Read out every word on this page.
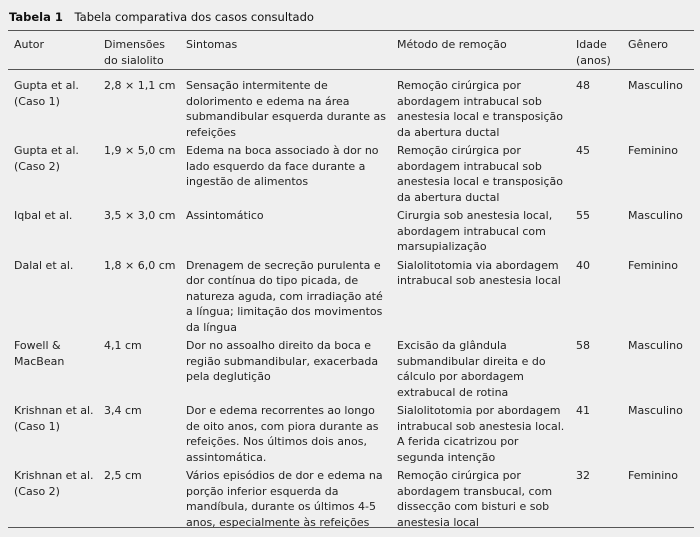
Tabela 1 Tabela comparativa dos casos consultado
Autor	Dimensões do sialolito	Sintomas	Método de remoção	Idade (anos)	Gênero
Gupta et al. (Caso 1)	2,8 × 1,1 cm	Sensação intermitente de dolorimento e edema na área submandibular esquerda durante as refeições	Remoção cirúrgica por abordagem intrabucal sob anestesia local e transposição da abertura ductal	48	Masculino
Gupta et al. (Caso 2)	1,9 × 5,0 cm	Edema na boca associado à dor no lado esquerdo da face durante a ingestão de alimentos	Remoção cirúrgica por abordagem intrabucal sob anestesia local e transposição da abertura ductal	45	Feminino
Iqbal et al.	3,5 × 3,0 cm	Assintomático	Cirurgia sob anestesia local, abordagem intrabucal com marsupialização	55	Masculino
Dalal et al.	1,8 × 6,0 cm	Drenagem de secreção purulenta e dor contínua do tipo picada, de natureza aguda, com irradiação até a língua; limitação dos movimentos da língua	Sialolitotomia via abordagem intrabucal sob anestesia local	40	Feminino
Fowell & MacBean	4,1 cm	Dor no assoalho direito da boca e região submandibular, exacerbada pela deglutição	Excisão da glândula submandibular direita e do cálculo por abordagem extrabucal de rotina	58	Masculino
Krishnan et al. (Caso 1)	3,4 cm	Dor e edema recorrentes ao longo de oito anos, com piora durante as refeições. Nos últimos dois anos, assintomática.	Sialolitotomia por abordagem intrabucal sob anestesia local. A ferida cicatrizou por segunda intenção	41	Masculino
Krishnan et al. (Caso 2)	2,5 cm	Vários episódios de dor e edema na porção inferior esquerda da mandíbula, durante os últimos 4-5 anos, especialmente às refeições	Remoção cirúrgica por abordagem transbucal, com dissecção com bisturi e sob anestesia local	32	Feminino
